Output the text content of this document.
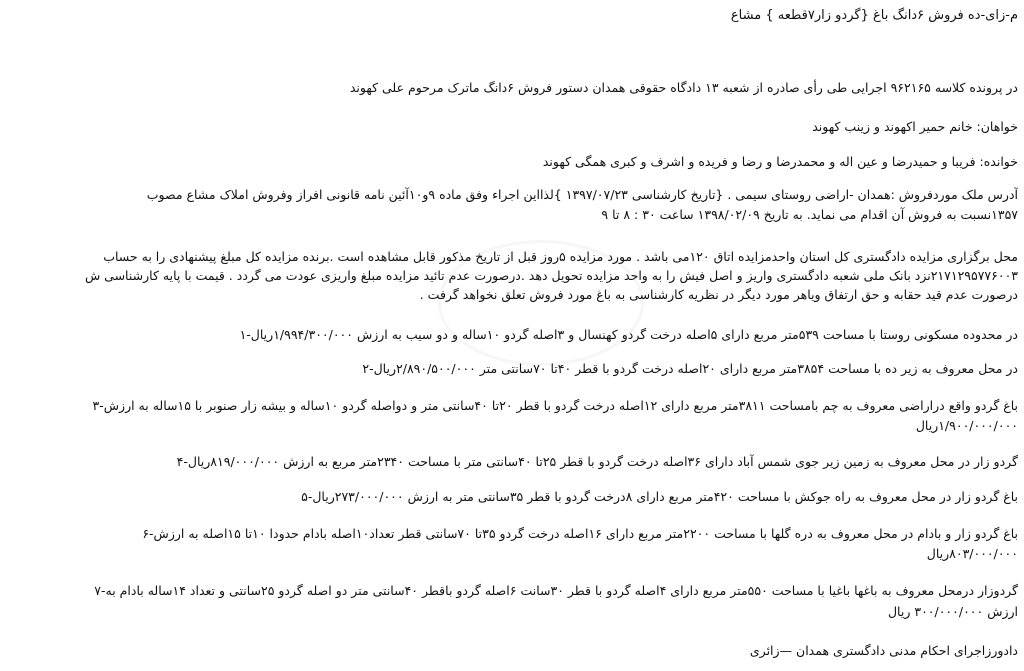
​
م-زای-ده فروش ۶دانگ باغ {گردو زار۷قطعه } مشاع
در پرونده کلاسه ۹۶۲۱۶۵ اجرایی طی رأی صادره از شعبه ۱۳ دادگاه حقوقی همدان دستور فروش ۶دانگ ماترک مرحوم علی کهوند
خواهان: خانم حمیر اکهوند و زینب کهوند
خوانده: فریبا و حمیدرضا و عین اله و محمدرضا و رضا و فریده و اشرف و کبری همگی کهوند
آدرس ملک موردفروش :همدان -اراضی روستای سیمی . {تاریخ کارشناسی ۱۳۹۷/۰۷/۲۳ }لذااین اجراء وفق ماده ۹و۱۰آئین نامه قانونی افراز وفروش املاک مشاع مصوب
۱۳۵۷نسبت به فروش آن اقدام می نماید. به تاریخ ۱۳۹۸/۰۲/۰۹ ساعت ۳۰ : ۸ تا ۹
محل برگزاری مزایده دادگستری کل استان واحدمزایده اتاق ۱۲۰می باشد . مورد مزایده ۵روز قبل از تاریخ مذکور قابل مشاهده است .برنده مزایده کل مبلغ پیشنهادی را به حساب
۲۱۷۱۲۹۵۷۷۶۰۰۳نزد بانک ملی شعبه دادگستری واریز و اصل فیش را به واحد مزایده تحویل دهد .درصورت عدم تائید مزایده مبلغ واریزی عودت می گردد . قیمت با پایه کارشناسی ش
درصورت عدم قید حقابه و حق ارتفاق ویاهر مورد دیگر در نظریه کارشناسی به باغ مورد فروش تعلق نخواهد گرفت .
در محدوده مسکونی روستا با مساحت ۵۳۹متر مربع دارای ۵اصله درخت گردو کهنسال و ۳اصله گردو ۱۰ساله و دو سیب به ارزش ۱/۹۹۴/۳۰۰/۰۰۰ریال-۱
در محل معروف به زیر ده با مساحت ۳۸۵۴متر مربع دارای ۲۰اصله درخت گردو با قطر ۴۰تا ۷۰سانتی متر ۲/۸۹۰/۵۰۰/۰۰۰ریال-۲
باغ گردو واقع دراراضی معروف به چم بامساحت ۳۸۱۱متر مربع دارای ۱۲اصله درخت گردو با قطر ۲۰تا ۴۰سانتی متر و دواصله گردو ۱۰ساله و بیشه زار صنوبر با ۱۵ساله به ارزش-۳
۱/۹۰۰/۰۰۰/۰۰۰ریال
گردو زار در محل معروف به زمین زیر جوی شمس آباد دارای ۳۶اصله درخت گردو با قطر ۲۵تا ۴۰سانتی متر با مساحت ۲۳۴۰متر مربع به ارزش ۸۱۹/۰۰۰/۰۰۰ریال-۴
باغ گردو زار در محل معروف به راه جوکش با مساحت ۴۲۰متر مربع دارای ۸درخت گردو با قطر ۳۵سانتی متر به ارزش ۲۷۳/۰۰۰/۰۰۰ریال-۵
باغ گردو زار و بادام در محل معروف به دره گلها با مساحت ۲۲۰۰متر مربع دارای ۱۶اصله درخت گردو ۳۵تا ۷۰سانتی قطر تعداد۱۰اصله بادام حدودا ۱۰تا ۱۵اصله به ارزش-۶
۸۰۳/۰۰۰/۰۰۰ریال
گردوزار درمحل معروف به باغها باغیا با مساحت ۵۵۰متر مربع دارای ۴اصله گردو با قطر ۳۰سانت ۶اصله گردو باقطر ۴۰سانتی متر دو اصله گردو ۲۵سانتی و تعداد ۱۴ساله بادام به-۷
ارزش ۳۰۰/۰۰۰/۰۰۰ ریال
دادورزاجرای احکام مدنی دادگستری همدان —زائری
